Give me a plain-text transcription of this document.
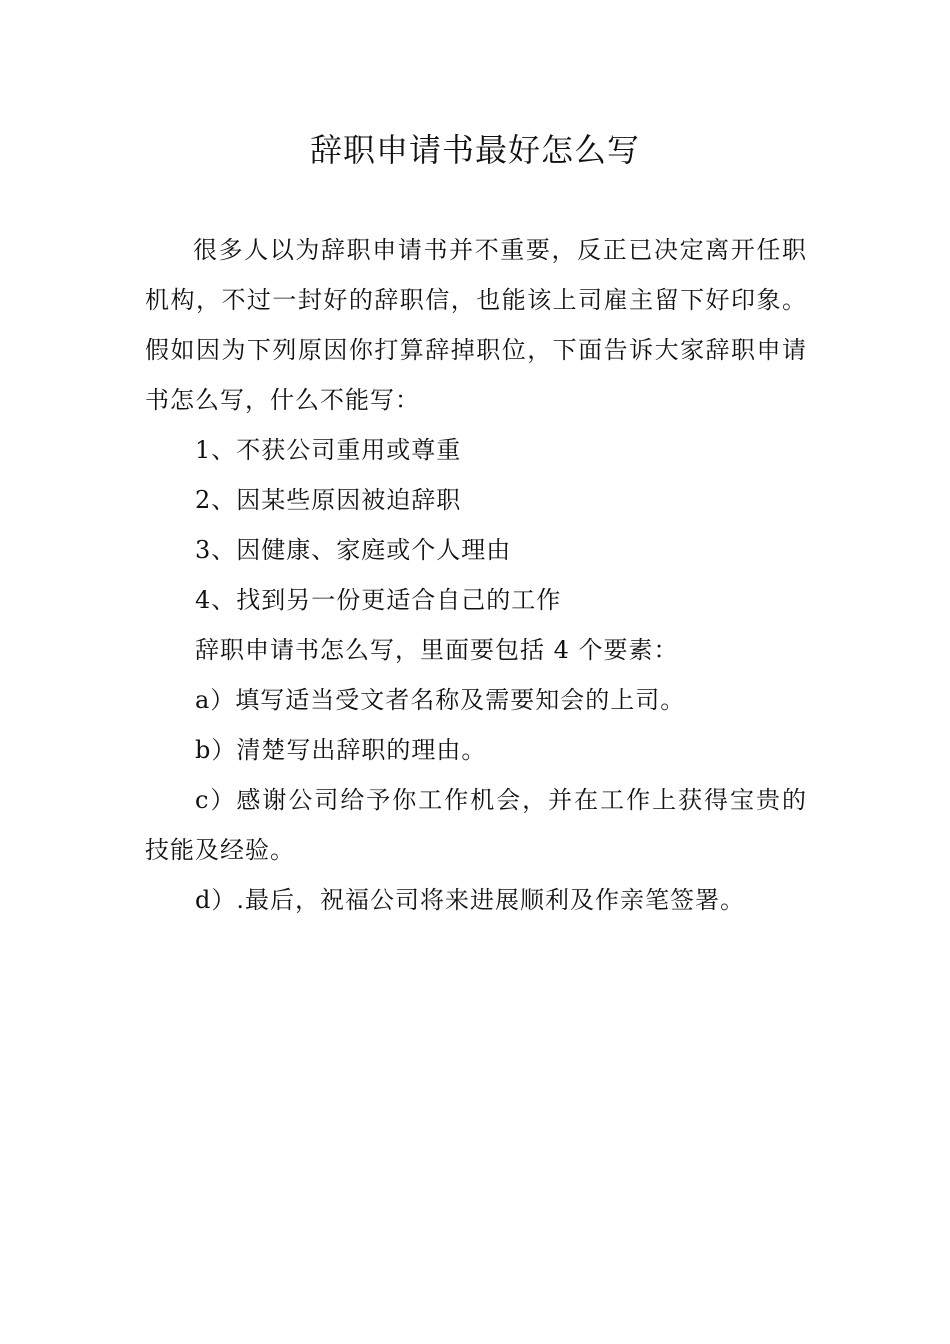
辞职申请书最好怎么写

很多人以为辞职申请书并不重要，反正已决定离开任职机构，不过一封好的辞职信，也能该上司雇主留下好印象。假如因为下列原因你打算辞掉职位，下面告诉大家辞职申请书怎么写，什么不能写：

1、不获公司重用或尊重

2、因某些原因被迫辞职

3、因健康、家庭或个人理由

4、找到另一份更适合自己的工作

辞职申请书怎么写，里面要包括 4 个要素：

a）填写适当受文者名称及需要知会的上司。

b）清楚写出辞职的理由。

c）感谢公司给予你工作机会，并在工作上获得宝贵的技能及经验。

d）.最后，祝福公司将来进展顺利及作亲笔签署。
